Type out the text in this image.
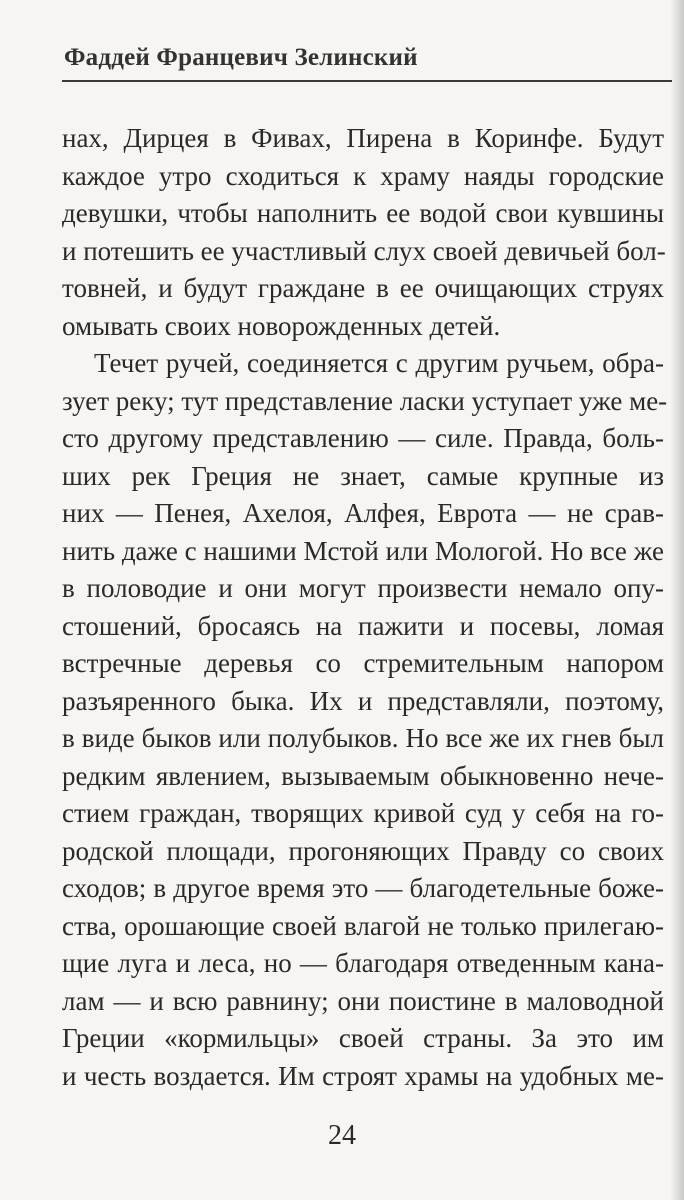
Фаддей Францевич Зелинский
нах, Дирцея в Фивах, Пирена в Коринфе. Будут
каждое утро сходиться к храму наяды городские
девушки, чтобы наполнить ее водой свои кувшины
и потешить ее участливый слух своей девичьей бол-
товней, и будут граждане в ее очищающих струях
омывать своих новорожденных детей.
Течет ручей, соединяется с другим ручьем, обра-
зует реку; тут представление ласки уступает уже ме-
сто другому представлению — силе. Правда, боль-
ших рек Греция не знает, самые крупные из
них — Пенея, Ахелоя, Алфея, Еврота — не срав-
нить даже с нашими Мстой или Мологой. Но все же
в половодие и они могут произвести немало опу-
стошений, бросаясь на пажити и посевы, ломая
встречные деревья со стремительным напором
разъяренного быка. Их и представляли, поэтому,
в виде быков или полубыков. Но все же их гнев был
редким явлением, вызываемым обыкновенно нече-
стием граждан, творящих кривой суд у себя на го-
родской площади, прогоняющих Правду со своих
сходов; в другое время это — благодетельные боже-
ства, орошающие своей влагой не только прилегаю-
щие луга и леса, но — благодаря отведенным кана-
лам — и всю равнину; они поистине в маловодной
Греции «кормильцы» своей страны. За это им
и честь воздается. Им строят храмы на удобных ме-
24
